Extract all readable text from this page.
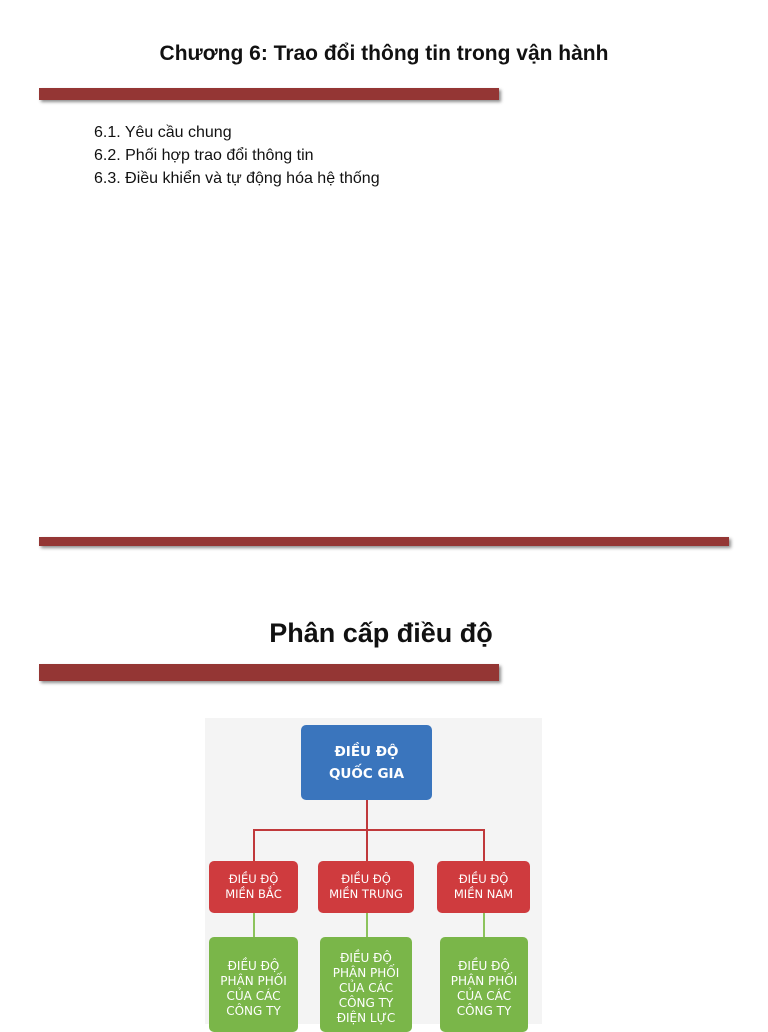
Chương 6: Trao đổi thông tin trong vận hành
6.1. Yêu cầu chung
6.2. Phối hợp trao đổi thông tin
6.3. Điều khiển và tự động hóa hệ thống
Phân cấp điều độ
ĐIỀU ĐỘ
QUỐC GIA
ĐIỀU ĐỘ
MIỀN BẮC
ĐIỀU ĐỘ
MIỀN TRUNG
ĐIỀU ĐỘ
MIỀN NAM
ĐIỀU ĐỘ
PHÂN PHỐI
CỦA CÁC
CÔNG TY
ĐIỀU ĐỘ
PHÂN PHỐI
CỦA CÁC
CÔNG TY
ĐIỆN LỰC
ĐIỀU ĐỘ
PHÂN PHỐI
CỦA CÁC
CÔNG TY
